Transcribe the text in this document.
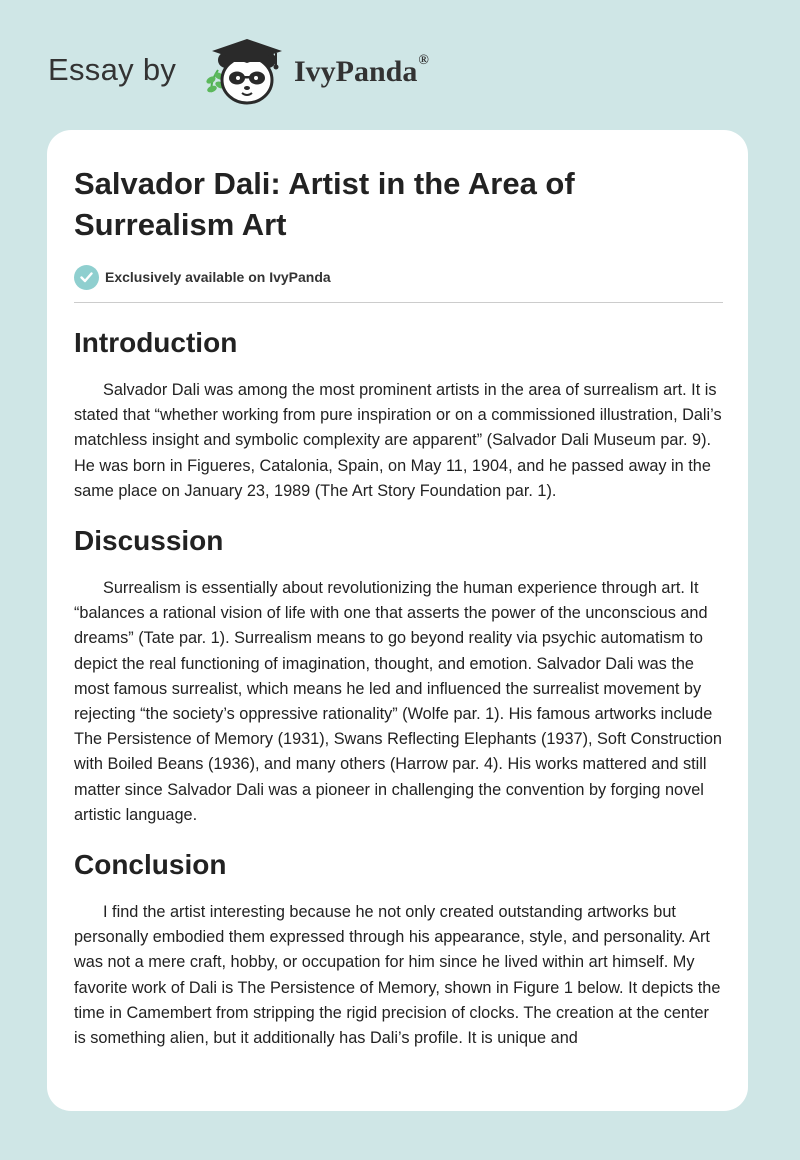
Essay by	IvyPanda®
Salvador Dali: Artist in the Area of Surrealism Art
Exclusively available on IvyPanda
Introduction

Salvador Dali was among the most prominent artists in the area of surrealism art. It is stated that “whether working from pure inspiration or on a commissioned illustration, Dali’s matchless insight and symbolic complexity are apparent” (Salvador Dali Museum par. 9). He was born in Figueres, Catalonia, Spain, on May 11, 1904, and he passed away in the same place on January 23, 1989 (The Art Story Foundation par. 1).

Discussion

Surrealism is essentially about revolutionizing the human experience through art. It “balances a rational vision of life with one that asserts the power of the unconscious and dreams” (Tate par. 1). Surrealism means to go beyond reality via psychic automatism to depict the real functioning of imagination, thought, and emotion. Salvador Dali was the most famous surrealist, which means he led and influenced the surrealist movement by rejecting “the society’s oppressive rationality” (Wolfe par. 1). His famous artworks include The Persistence of Memory (1931), Swans Reflecting Elephants (1937), Soft Construction with Boiled Beans (1936), and many others (Harrow par. 4). His works mattered and still matter since Salvador Dali was a pioneer in challenging the convention by forging novel artistic language.

Conclusion

I find the artist interesting because he not only created outstanding artworks but personally embodied them expressed through his appearance, style, and personality. Art was not a mere craft, hobby, or occupation for him since he lived within art himself. My favorite work of Dali is The Persistence of Memory, shown in Figure 1 below. It depicts the time in Camembert from stripping the rigid precision of clocks. The creation at the center is something alien, but it additionally has Dali’s profile. It is unique and
